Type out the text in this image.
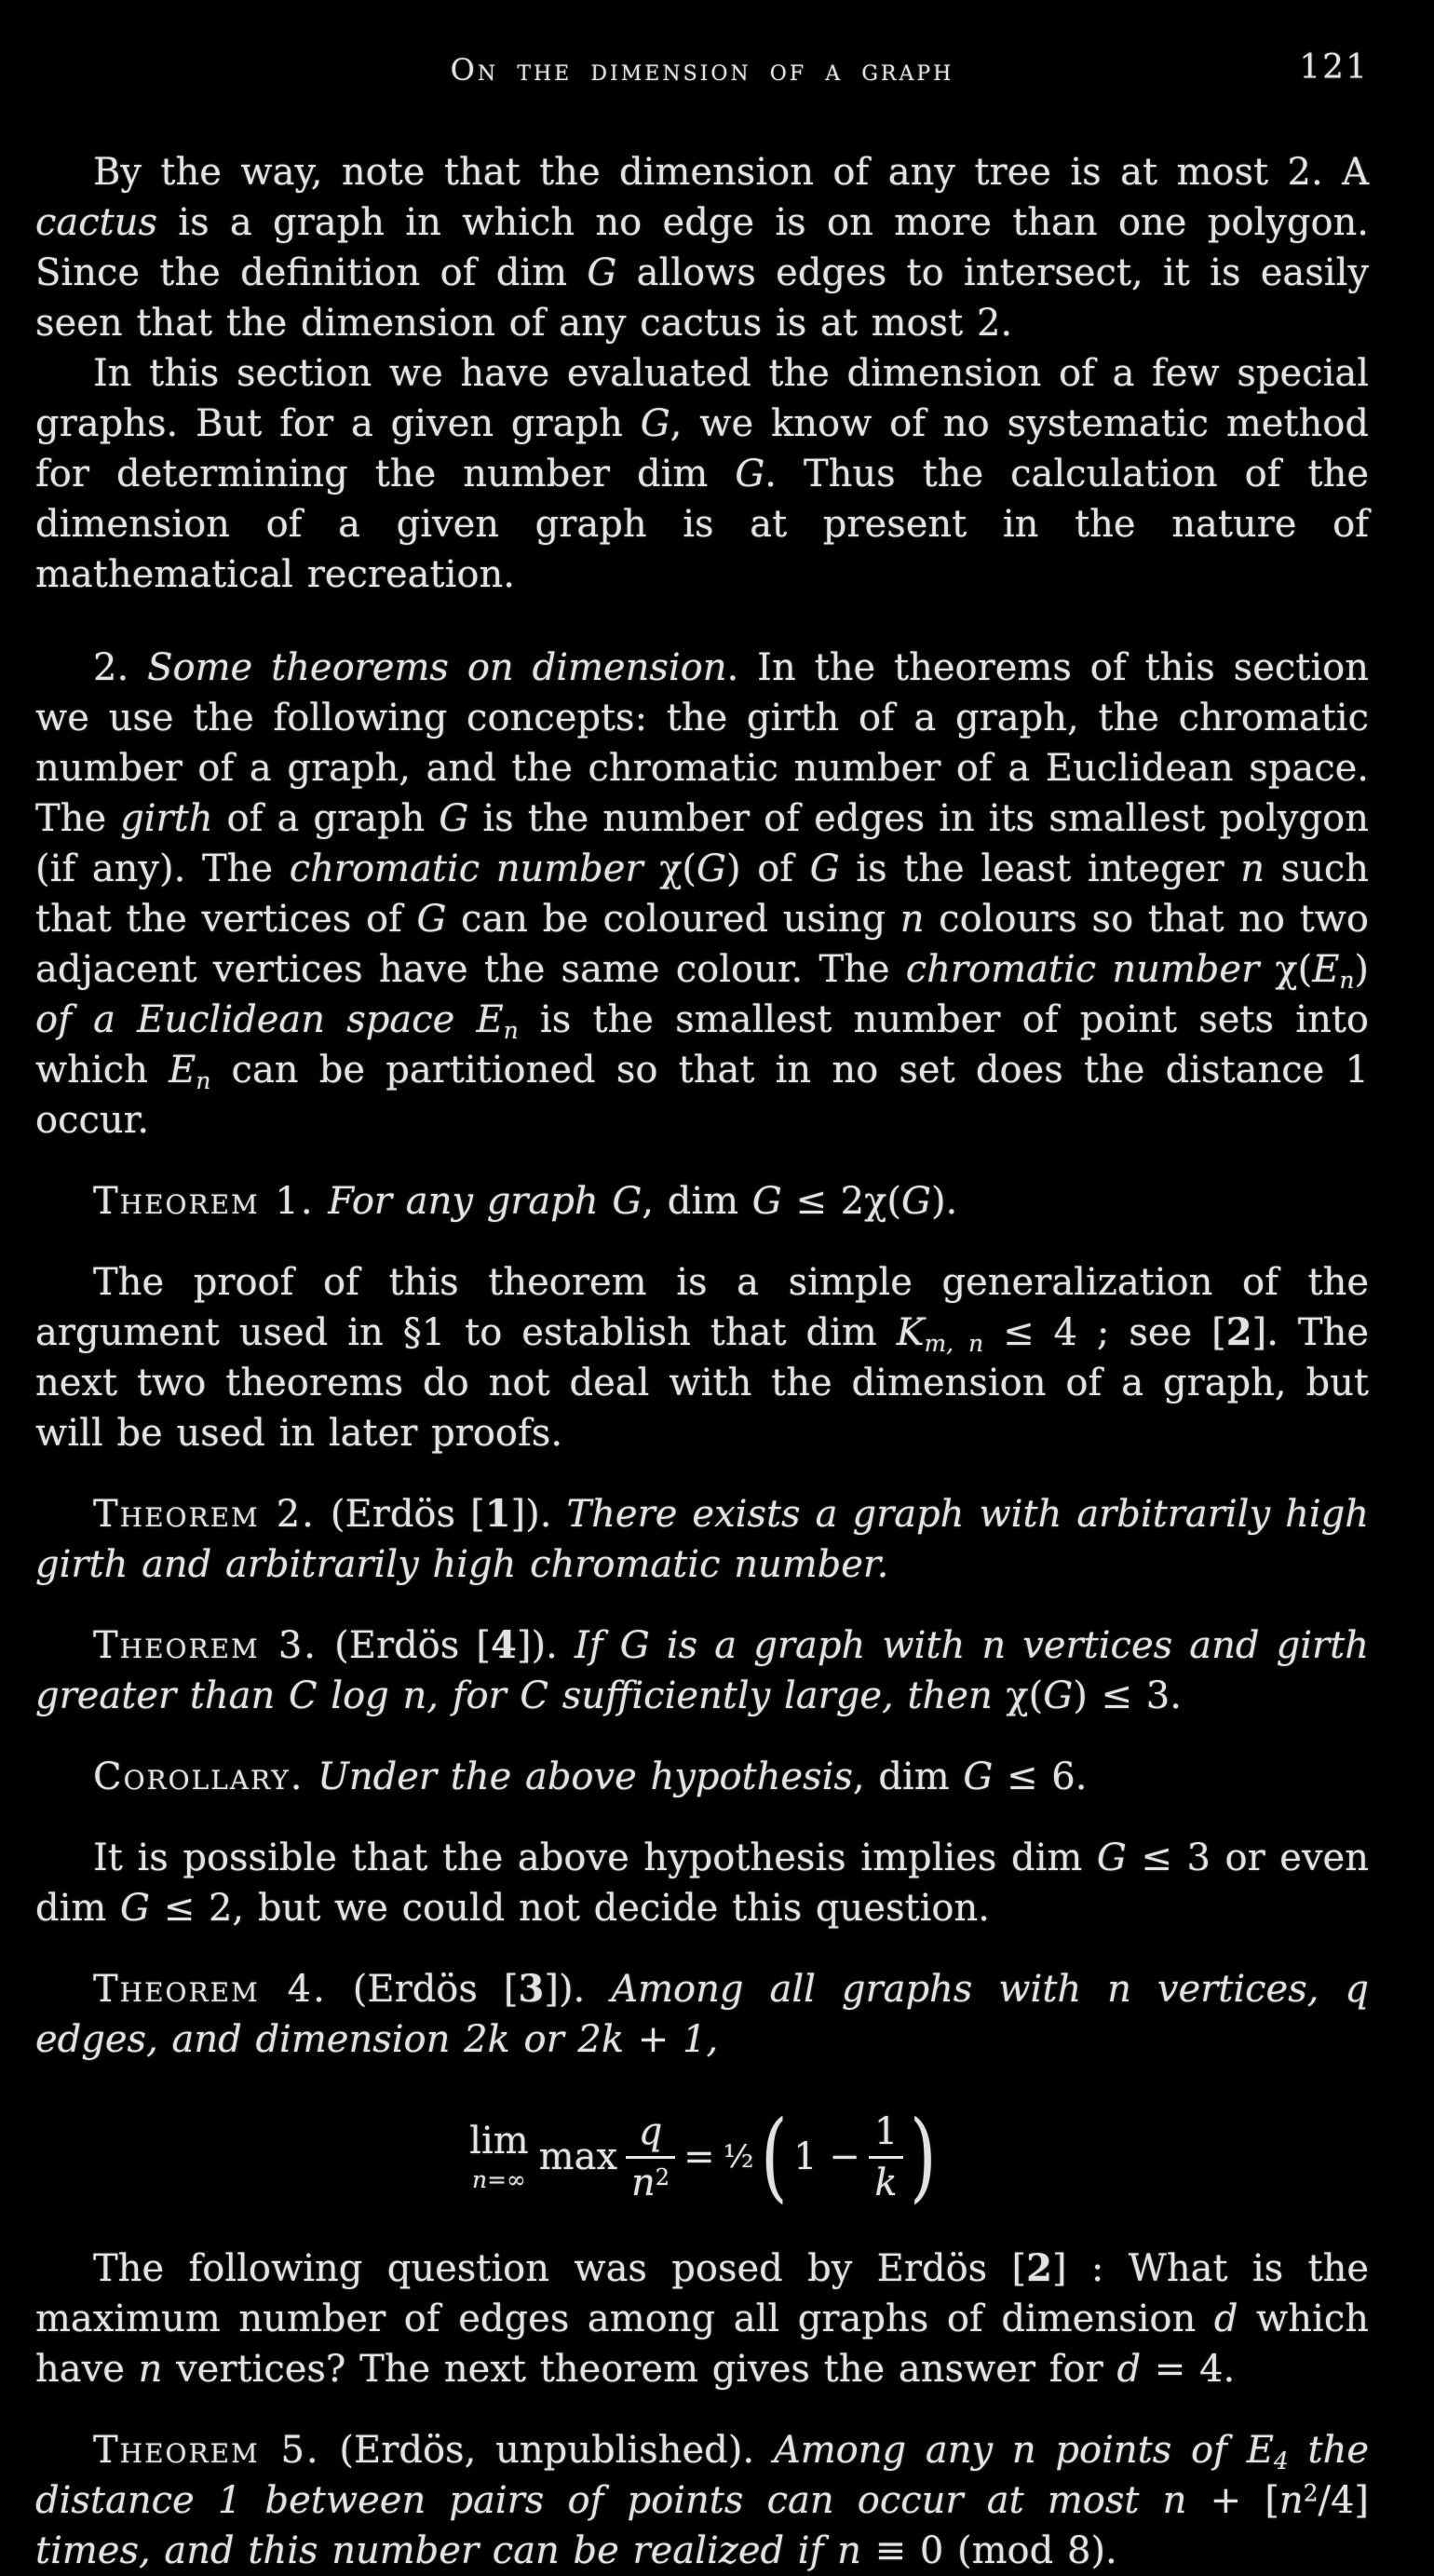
On the dimension of a graph	121

By the way, note that the dimension of any tree is at most 2. A cactus is a graph in which no edge is on more than one polygon. Since the definition of dim G allows edges to intersect, it is easily seen that the dimension of any cactus is at most 2.

In this section we have evaluated the dimension of a few special graphs. But for a given graph G, we know of no systematic method for determining the number dim G. Thus the calculation of the dimension of a given graph is at present in the nature of mathematical recreation.

2. Some theorems on dimension. In the theorems of this section we use the following concepts: the girth of a graph, the chromatic number of a graph, and the chromatic number of a Euclidean space. The girth of a graph G is the number of edges in its smallest polygon (if any). The chromatic number χ(G) of G is the least integer n such that the vertices of G can be coloured using n colours so that no two adjacent vertices have the same colour. The chromatic number χ(En) of a Euclidean space En is the smallest number of point sets into which En can be partitioned so that in no set does the distance 1 occur.

Theorem 1. For any graph G, dim G ≤ 2χ(G).

The proof of this theorem is a simple generalization of the argument used in §1 to establish that dim Km, n ≤ 4 ; see [2]. The next two theorems do not deal with the dimension of a graph, but will be used in later proofs.

Theorem 2. (Erdös [1]). There exists a graph with arbitrarily high girth and arbitrarily high chromatic number.

Theorem 3. (Erdös [4]). If G is a graph with n vertices and girth greater than C log n, for C sufficiently large, then χ(G) ≤ 3.

Corollary. Under the above hypothesis, dim G ≤ 6.

It is possible that the above hypothesis implies dim G ≤ 3 or even dim G ≤ 2, but we could not decide this question.

Theorem 4. (Erdös [3]). Among all graphs with n vertices, q edges, and dimension 2k or 2k + 1,

lim
n=∞
$\max \frac{q}{n^2}$ = ½ ( $1 - \frac{1}{k}$ )

The following question was posed by Erdös [2] : What is the maximum number of edges among all graphs of dimension d which have n vertices? The next theorem gives the answer for d = 4.

Theorem 5. (Erdös, unpublished). Among any n points of E4 the distance 1 between pairs of points can occur at most $n + [n^2/4]$ times, and this number can be realized if n ≡ 0 (mod 8).
